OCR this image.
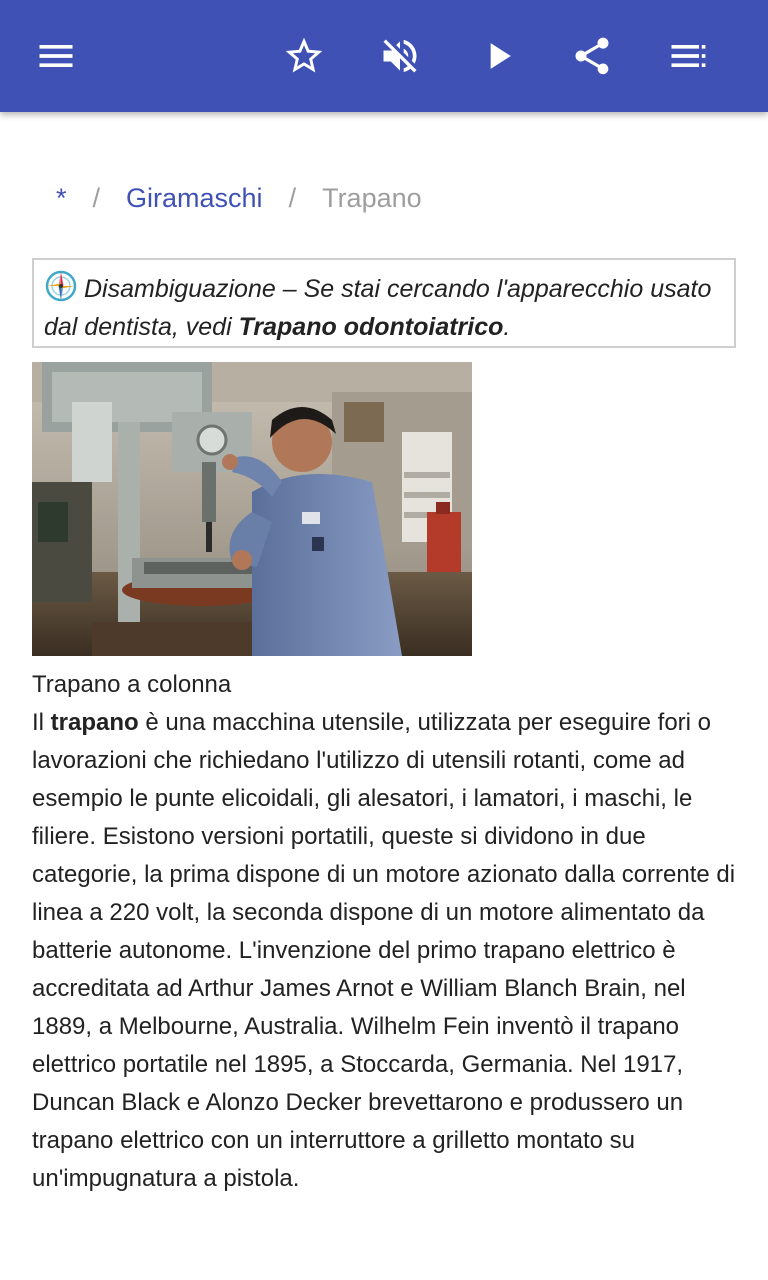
* / Giramaschi / Trapano
Disambiguazione – Se stai cercando l'apparecchio usato dal dentista, vedi Trapano odontoiatrico.
Trapano a colonna
Il trapano è una macchina utensile, utilizzata per eseguire fori o lavorazioni che richiedano l'utilizzo di utensili rotanti, come ad esempio le punte elicoidali, gli alesatori, i lamatori, i maschi, le filiere. Esistono versioni portatili, queste si dividono in due categorie, la prima dispone di un motore azionato dalla corrente di linea a 220 volt, la seconda dispone di un motore alimentato da batterie autonome. L'invenzione del primo trapano elettrico è accreditata ad Arthur James Arnot e William Blanch Brain, nel 1889, a Melbourne, Australia. Wilhelm Fein inventò il trapano elettrico portatile nel 1895, a Stoccarda, Germania. Nel 1917, Duncan Black e Alonzo Decker brevettarono e produssero un trapano elettrico con un interruttore a grilletto montato su un'impugnatura a pistola.
